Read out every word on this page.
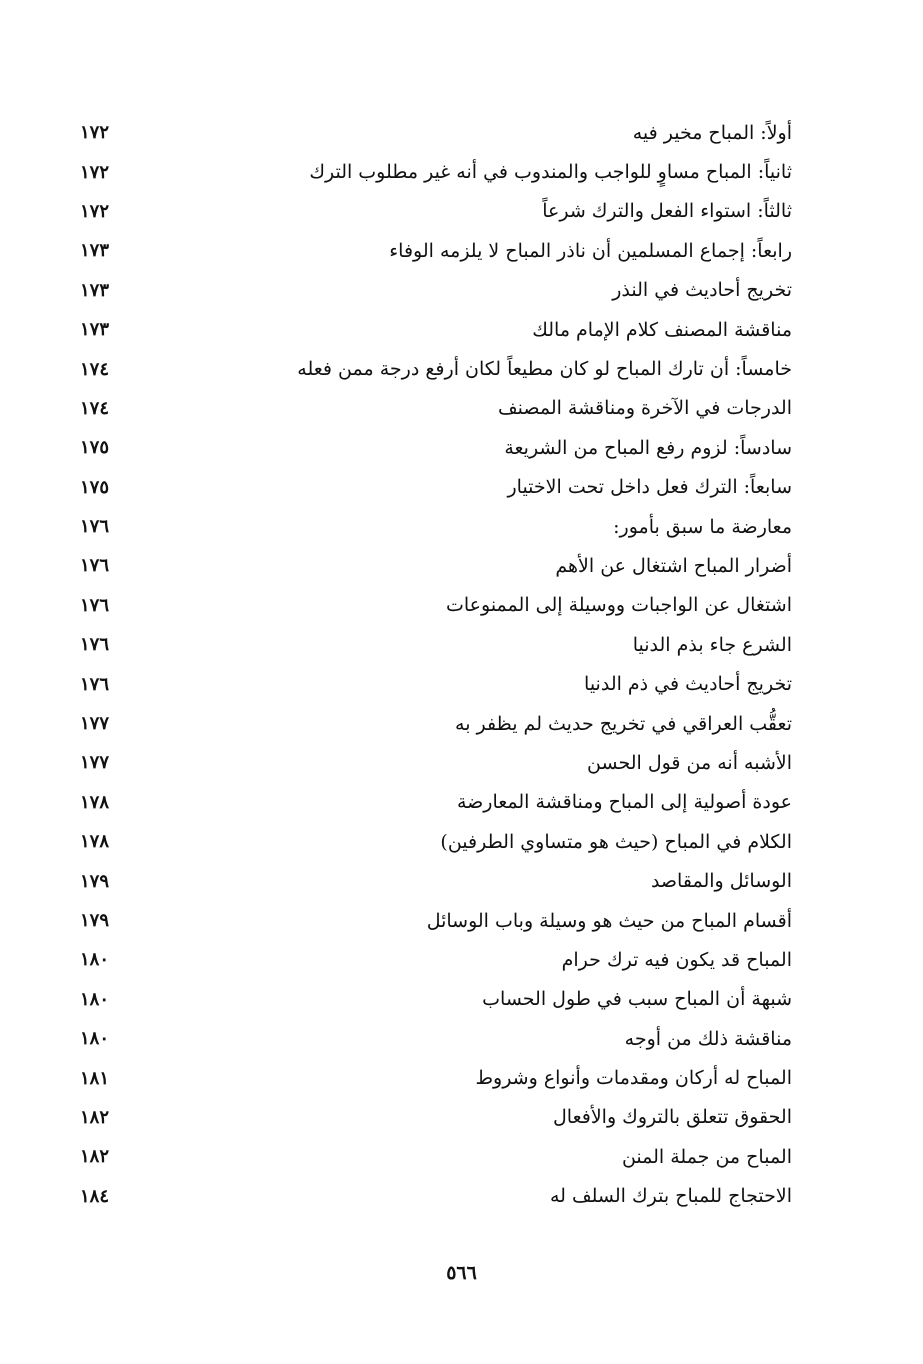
أولاً: المباح مخير فيه
١٧٢
ثانياً: المباح مساوٍ للواجب والمندوب في أنه غير مطلوب الترك
١٧٢
ثالثاً: استواء الفعل والترك شرعاً
١٧٢
رابعاً: إجماع المسلمين أن ناذر المباح لا يلزمه الوفاء
١٧٣
تخريج أحاديث في النذر
١٧٣
مناقشة المصنف كلام الإمام مالك
١٧٣
خامساً: أن تارك المباح لو كان مطيعاً لكان أرفع درجة ممن فعله
١٧٤
الدرجات في الآخرة ومناقشة المصنف
١٧٤
سادساً: لزوم رفع المباح من الشريعة
١٧٥
سابعاً: الترك فعل داخل تحت الاختيار
١٧٥
معارضة ما سبق بأمور:
١٧٦
أضرار المباح اشتغال عن الأهم
١٧٦
اشتغال عن الواجبات ووسيلة إلى الممنوعات
١٧٦
الشرع جاء بذم الدنيا
١٧٦
تخريج أحاديث في ذم الدنيا
١٧٦
تعقُّب العراقي في تخريج حديث لم يظفر به
١٧٧
الأشبه أنه من قول الحسن
١٧٧
عودة أصولية إلى المباح ومناقشة المعارضة
١٧٨
الكلام في المباح (حيث هو متساوي الطرفين)
١٧٨
الوسائل والمقاصد
١٧٩
أقسام المباح من حيث هو وسيلة وباب الوسائل
١٧٩
المباح قد يكون فيه ترك حرام
١٨٠
شبهة أن المباح سبب في طول الحساب
١٨٠
مناقشة ذلك من أوجه
١٨٠
المباح له أركان ومقدمات وأنواع وشروط
١٨١
الحقوق تتعلق بالتروك والأفعال
١٨٢
المباح من جملة المنن
١٨٢
الاحتجاج للمباح بترك السلف له
١٨٤
٥٦٦
